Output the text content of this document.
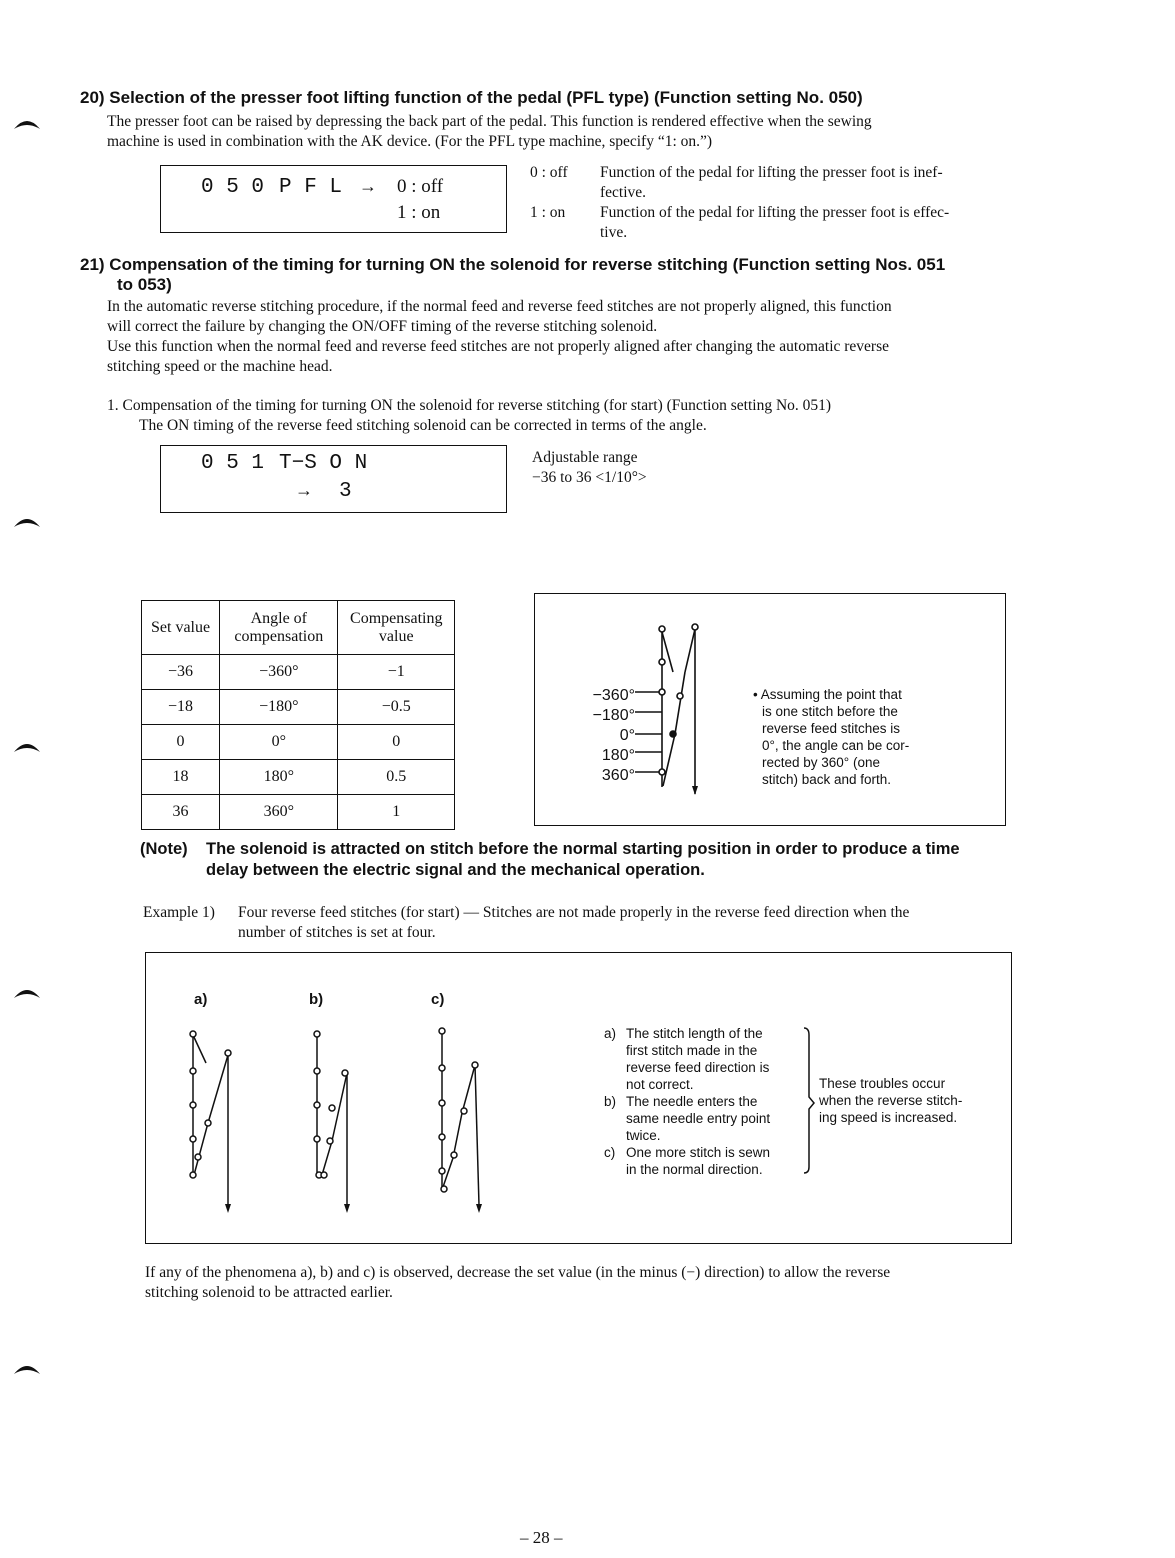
20) Selection of the presser foot lifting function of the pedal (PFL type) (Function setting No. 050)
The presser foot can be raised by depressing the back part of the pedal. This function is rendered effective when the sewing
machine is used in combination with the AK device. (For the PFL type machine, specify “1: on.”)
0 5 0 P F L → 0 : off
1 : on
0 : off Function of the pedal for lifting the presser foot is inef-
fective.
1 : on Function of the pedal for lifting the presser foot is effec-
tive.
21) Compensation of the timing for turning ON the solenoid for reverse stitching (Function setting Nos. 051
to 053)
In the automatic reverse stitching procedure, if the normal feed and reverse feed stitches are not properly aligned, this function
will correct the failure by changing the ON/OFF timing of the reverse stitching solenoid.
Use this function when the normal feed and reverse feed stitches are not properly aligned after changing the automatic reverse
stitching speed or the machine head.
1. Compensation of the timing for turning ON the solenoid for reverse stitching (for start) (Function setting No. 051)
The ON timing of the reverse feed stitching solenoid can be corrected in terms of the angle.
0 5 1 T−S O N
→ 3
Adjustable range
−36 to 36 <1/10°>
Set value	Angle of compensation	Compensating value
−36	−360°	−1
−18	−180°	−0.5
0	0°	0
18	180°	0.5
36	360°	1
−360°
−180°
0°
180°
360°
• Assuming the point that
is one stitch before the
reverse feed stitches is
0°, the angle can be cor-
rected by 360° (one
stitch) back and forth.
(Note) The solenoid is attracted on stitch before the normal starting position in order to produce a time
delay between the electric signal and the mechanical operation.
Example 1) Four reverse feed stitches (for start) — Stitches are not made properly in the reverse feed direction when the
number of stitches is set at four.
a)	b)	c)
a) The stitch length of the
first stitch made in the
reverse feed direction is
not correct.
b) The needle enters the
same needle entry point
twice.
c) One more stitch is sewn
in the normal direction.
These troubles occur
when the reverse stitch-
ing speed is increased.
If any of the phenomena a), b) and c) is observed, decrease the set value (in the minus (−) direction) to allow the reverse
stitching solenoid to be attracted earlier.
– 28 –
